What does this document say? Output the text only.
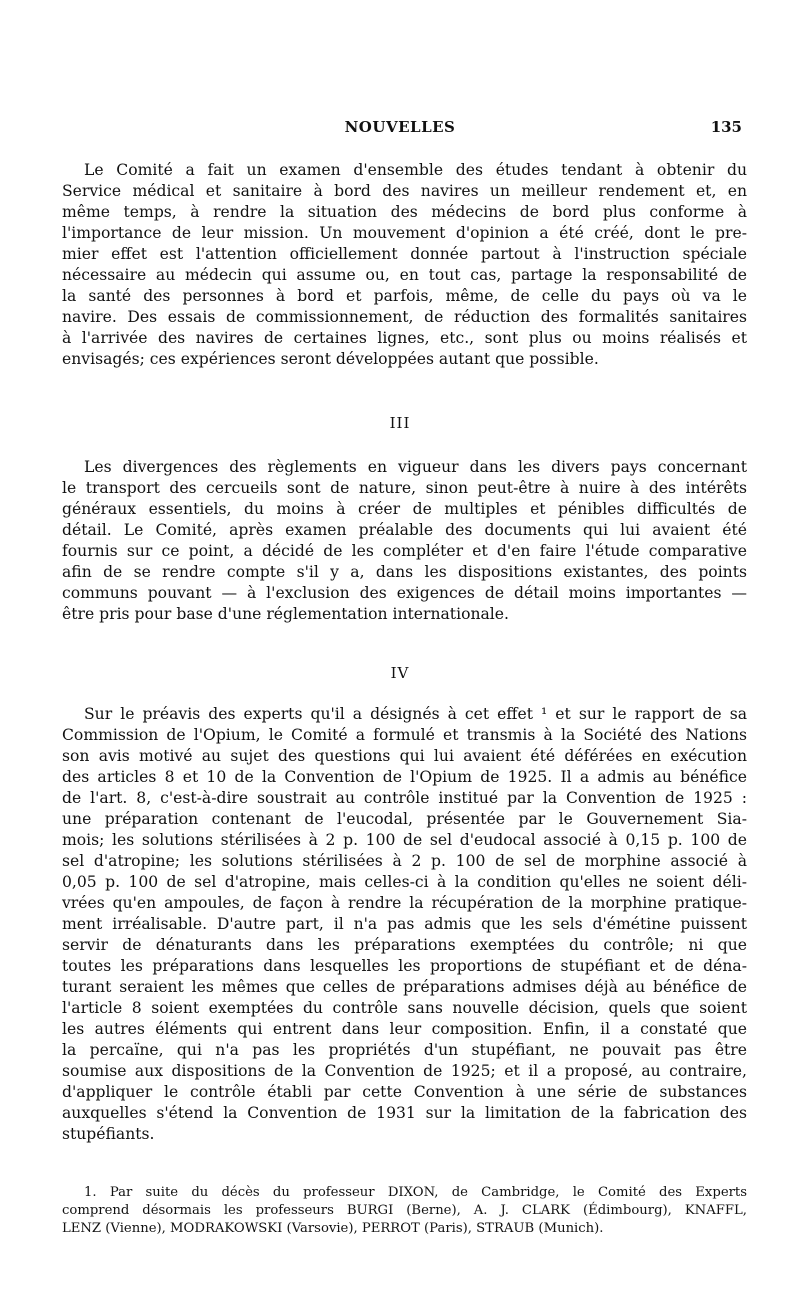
NOUVELLES	135
Le Comité a fait un examen d'ensemble des études tendant à obtenir du
Service médical et sanitaire à bord des navires un meilleur rendement et, en
même temps, à rendre la situation des médecins de bord plus conforme à
l'importance de leur mission. Un mouvement d'opinion a été créé, dont le pre-
mier effet est l'attention officiellement donnée partout à l'instruction spéciale
nécessaire au médecin qui assume ou, en tout cas, partage la responsabilité de
la santé des personnes à bord et parfois, même, de celle du pays où va le
navire. Des essais de commissionnement, de réduction des formalités sanitaires
à l'arrivée des navires de certaines lignes, etc., sont plus ou moins réalisés et
envisagés; ces expériences seront développées autant que possible.
III
Les divergences des règlements en vigueur dans les divers pays concernant
le transport des cercueils sont de nature, sinon peut-être à nuire à des intérêts
généraux essentiels, du moins à créer de multiples et pénibles difficultés de
détail. Le Comité, après examen préalable des documents qui lui avaient été
fournis sur ce point, a décidé de les compléter et d'en faire l'étude comparative
afin de se rendre compte s'il y a, dans les dispositions existantes, des points
communs pouvant — à l'exclusion des exigences de détail moins importantes —
être pris pour base d'une réglementation internationale.
IV
Sur le préavis des experts qu'il a désignés à cet effet ¹ et sur le rapport de sa
Commission de l'Opium, le Comité a formulé et transmis à la Société des Nations
son avis motivé au sujet des questions qui lui avaient été déférées en exécution
des articles 8 et 10 de la Convention de l'Opium de 1925. Il a admis au bénéfice
de l'art. 8, c'est-à-dire soustrait au contrôle institué par la Convention de 1925 :
une préparation contenant de l'eucodal, présentée par le Gouvernement Sia-
mois; les solutions stérilisées à 2 p. 100 de sel d'eudocal associé à 0,15 p. 100 de
sel d'atropine; les solutions stérilisées à 2 p. 100 de sel de morphine associé à
0,05 p. 100 de sel d'atropine, mais celles-ci à la condition qu'elles ne soient déli-
vrées qu'en ampoules, de façon à rendre la récupération de la morphine pratique-
ment irréalisable. D'autre part, il n'a pas admis que les sels d'émétine puissent
servir de dénaturants dans les préparations exemptées du contrôle; ni que
toutes les préparations dans lesquelles les proportions de stupéfiant et de déna-
turant seraient les mêmes que celles de préparations admises déjà au bénéfice de
l'article 8 soient exemptées du contrôle sans nouvelle décision, quels que soient
les autres éléments qui entrent dans leur composition. Enfin, il a constaté que
la percaïne, qui n'a pas les propriétés d'un stupéfiant, ne pouvait pas être
soumise aux dispositions de la Convention de 1925; et il a proposé, au contraire,
d'appliquer le contrôle établi par cette Convention à une série de substances
auxquelles s'étend la Convention de 1931 sur la limitation de la fabrication des
stupéfiants.
1. Par suite du décès du professeur DIXON, de Cambridge, le Comité des Experts
comprend désormais les professeurs BURGI (Berne), A. J. CLARK (Édimbourg), KNAFFL,
LENZ (Vienne), MODRAKOWSKI (Varsovie), PERROT (Paris), STRAUB (Munich).
